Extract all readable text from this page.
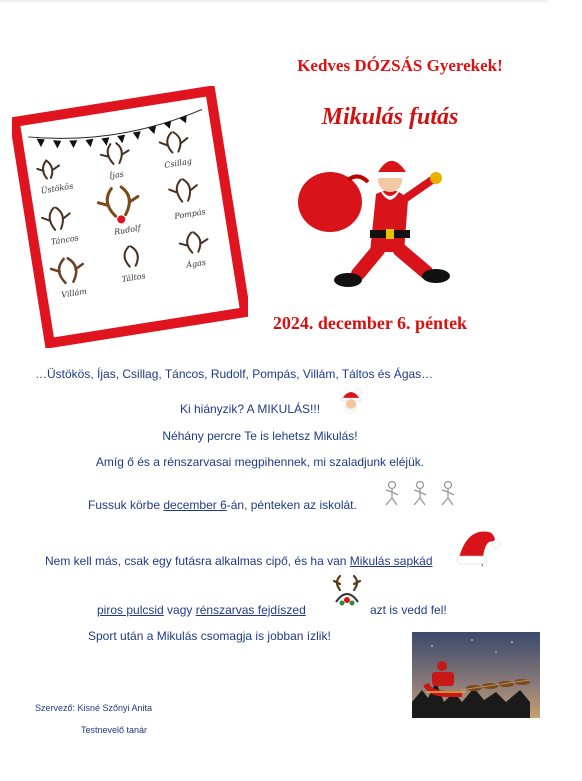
Üstökös
Íjas
Csillag
Táncos
Rudolf
Pompás
Villám
Táltos
Ágas
Kedves DÓZSÁS Gyerekek!
Mikulás futás
2024. december 6. péntek
…Üstökös, Íjas, Csillag, Táncos, Rudolf, Pompás, Villám, Táltos és Ágas…
Ki hiányzik? A MIKULÁS!!!
Néhány percre Te is lehetsz Mikulás!
Amíg ő és a rénszarvasai megpihennek, mi szaladjunk eléjük.
Fussuk körbe december 6-án, pénteken az iskolát.
Nem kell más, csak egy futásra alkalmas cipő, és ha van Mikulás sapkád
piros pulcsid vagy rénszarvas fejdíszed	azt is vedd fel!
Sport után a Mikulás csomagja is jobban ízlik!
Szervező: Kisné Szőnyi Anita
Testnevelő tanár
